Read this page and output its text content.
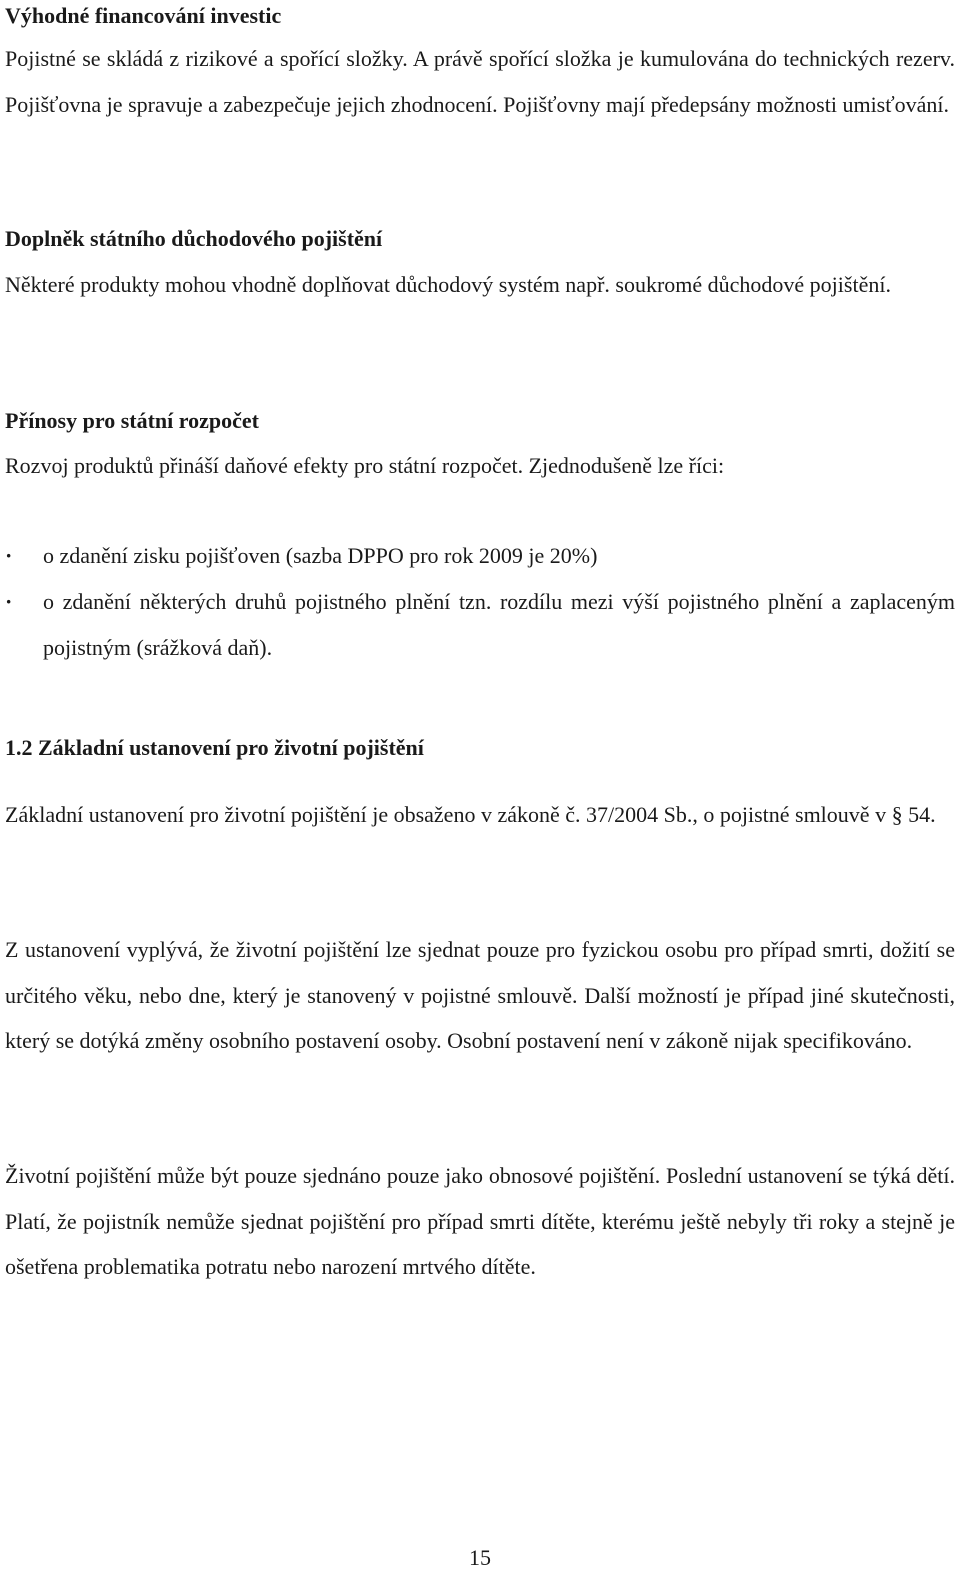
Výhodné financování investic
Pojistné se skládá z rizikové a spořící složky. A právě spořící složka je kumulována do technických rezerv. Pojišťovna je spravuje a zabezpečuje jejich zhodnocení. Pojišťovny mají předepsány možnosti umisťování.
Doplněk státního důchodového pojištění
Některé produkty mohou vhodně doplňovat důchodový systém např. soukromé důchodové pojištění.
Přínosy pro státní rozpočet
Rozvoj produktů přináší daňové efekty pro státní rozpočet. Zjednodušeně lze říci:
· o zdanění zisku pojišťoven (sazba DPPO pro rok 2009 je 20%)
· o zdanění některých druhů pojistného plnění tzn. rozdílu mezi výší pojistného plnění a zaplaceným pojistným (srážková daň).
1.2 Základní ustanovení pro životní pojištění
Základní ustanovení pro životní pojištění je obsaženo v zákoně č. 37/2004 Sb., o pojistné smlouvě v § 54.
Z ustanovení vyplývá, že životní pojištění lze sjednat pouze pro fyzickou osobu pro případ smrti, dožití se určitého věku, nebo dne, který je stanovený v pojistné smlouvě. Další možností je případ jiné skutečnosti, který se dotýká změny osobního postavení osoby. Osobní postavení není v zákoně nijak specifikováno.
Životní pojištění může být pouze sjednáno pouze jako obnosové pojištění. Poslední ustanovení se týká dětí. Platí, že pojistník nemůže sjednat pojištění pro případ smrti dítěte, kterému ještě nebyly tři roky a stejně je ošetřena problematika potratu nebo narození mrtvého dítěte.
15
